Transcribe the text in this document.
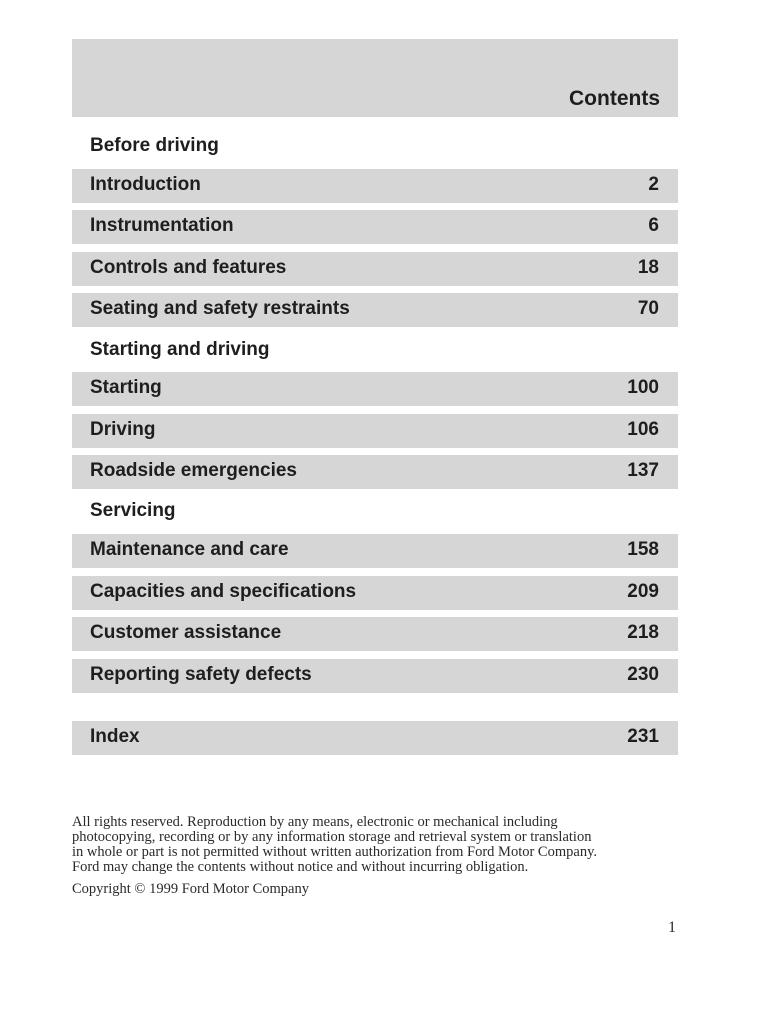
Contents
Before driving
Introduction	2
Instrumentation	6
Controls and features	18
Seating and safety restraints	70
Starting and driving
Starting	100
Driving	106
Roadside emergencies	137
Servicing
Maintenance and care	158
Capacities and specifications	209
Customer assistance	218
Reporting safety defects	230
Index	231
All rights reserved. Reproduction by any means, electronic or mechanical including
photocopying, recording or by any information storage and retrieval system or translation
in whole or part is not permitted without written authorization from Ford Motor Company.
Ford may change the contents without notice and without incurring obligation.
Copyright © 1999 Ford Motor Company
1
